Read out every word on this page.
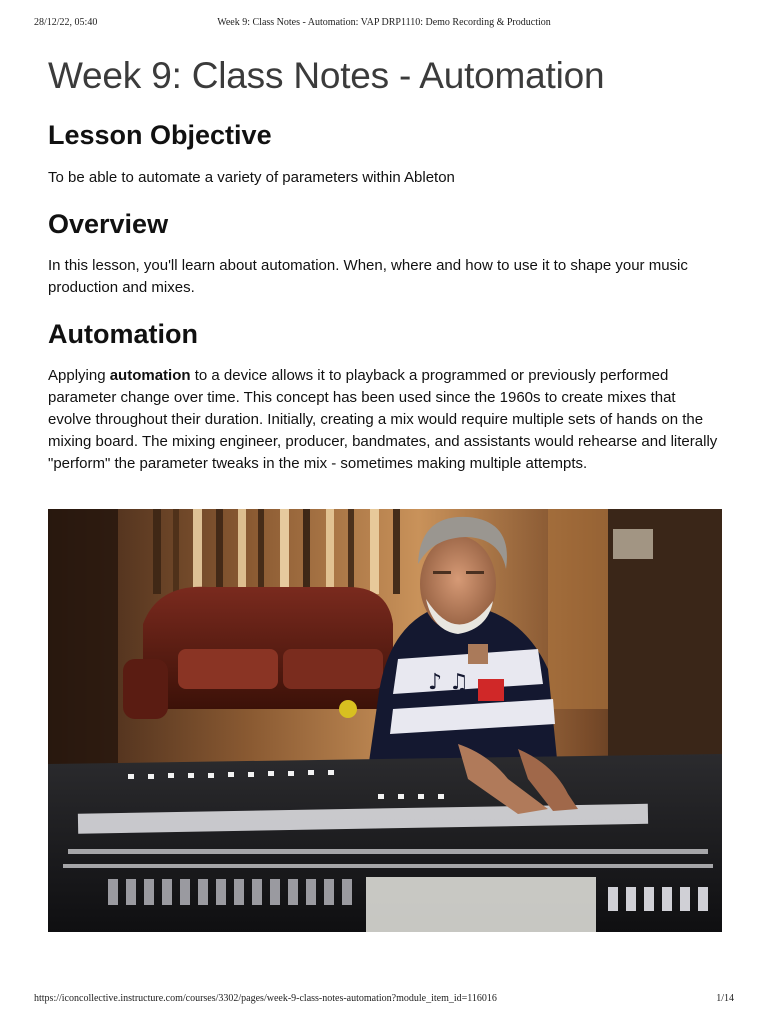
28/12/22, 05:40	Week 9: Class Notes - Automation: VAP DRP1110: Demo Recording & Production
Week 9: Class Notes - Automation
Lesson Objective

To be able to automate a variety of parameters within Ableton

Overview

In this lesson, you'll learn about automation. When, where and how to use it to shape your music production and mixes.

Automation

Applying automation to a device allows it to playback a programmed or previously performed parameter change over time. This concept has been used since the 1960s to create mixes that evolve throughout their duration. Initially, creating a mix would require multiple sets of hands on the mixing board. The mixing engineer, producer, bandmates, and assistants would rehearse and literally "perform" the parameter tweaks in the mix - sometimes making multiple attempts.

♪ ♫
https://iconcollective.instructure.com/courses/3302/pages/week-9-class-notes-automation?module_item_id=116016	1/14
